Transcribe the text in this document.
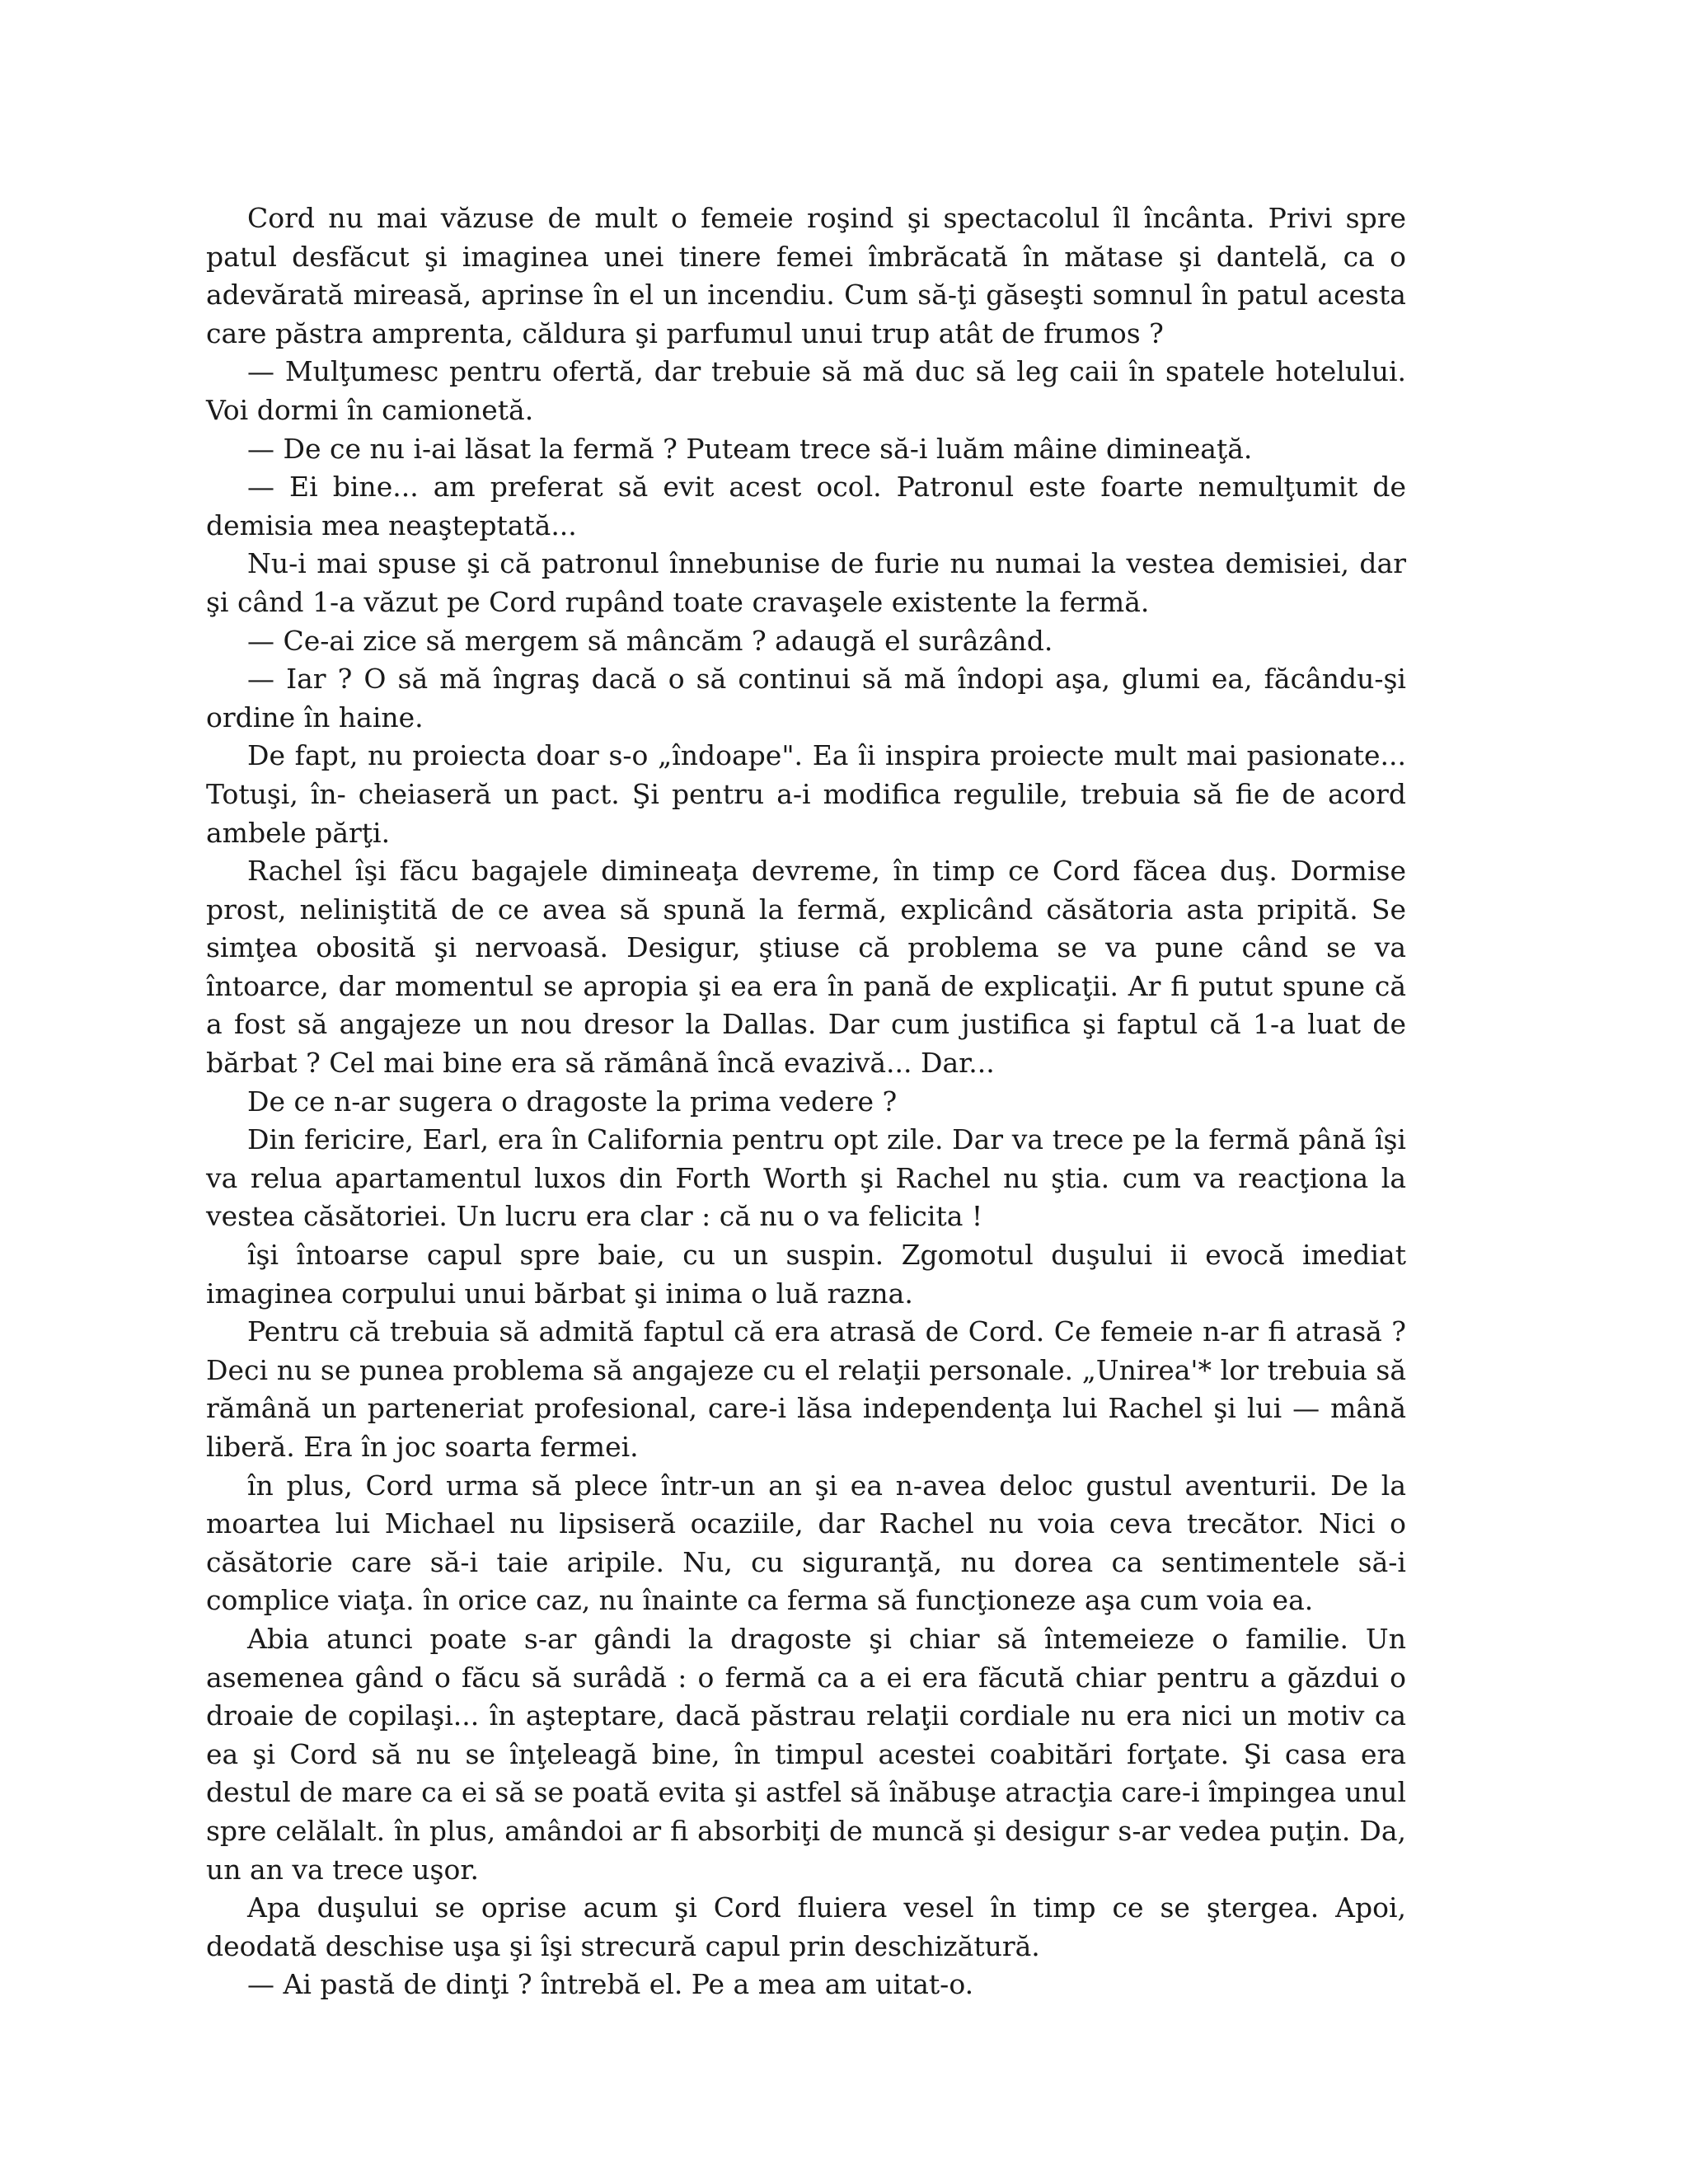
Cord nu mai văzuse de mult o femeie roşind şi spectacolul îl încânta. Privi spre patul desfăcut şi imaginea unei tinere femei îmbrăcată în mătase şi dantelă, ca o adevărată mireasă, aprinse în el un incendiu. Cum să-ţi găseşti somnul în patul acesta care păstra amprenta, căldura şi parfumul unui trup atât de frumos ?

— Mulţumesc pentru ofertă, dar trebuie să mă duc să leg caii în spatele hotelului. Voi dormi în camionetă.

— De ce nu i-ai lăsat la fermă ? Puteam trece să-i luăm mâine dimineaţă.

— Ei bine... am preferat să evit acest ocol. Patronul este foarte nemulţumit de demisia mea neaşteptată...

Nu-i mai spuse şi că patronul înnebunise de furie nu numai la vestea demisiei, dar şi când 1-a văzut pe Cord rupând toate cravaşele existente la fermă.

— Ce-ai zice să mergem să mâncăm ? adaugă el surâzând.

— Iar ? O să mă îngraş dacă o să continui să mă îndopi aşa, glumi ea, făcându-şi ordine în haine.

De fapt, nu proiecta doar s-o „îndoape". Ea îi inspira proiecte mult mai pasionate... Totuşi, în- cheiaseră un pact. Şi pentru a-i modifica regulile, trebuia să fie de acord ambele părţi.

Rachel îşi făcu bagajele dimineaţa devreme, în timp ce Cord făcea duş. Dormise prost, neliniştită de ce avea să spună la fermă, explicând căsătoria asta pripită. Se simţea obosită şi nervoasă. Desigur, ştiuse că problema se va pune când se va întoarce, dar momentul se apropia şi ea era în pană de explicaţii. Ar fi putut spune că a fost să angajeze un nou dresor la Dallas. Dar cum justifica şi faptul că 1-a luat de bărbat ? Cel mai bine era să rămână încă evazivă... Dar...

De ce n-ar sugera o dragoste la prima vedere ?

Din fericire, Earl, era în California pentru opt zile. Dar va trece pe la fermă până îşi va relua apartamentul luxos din Forth Worth şi Rachel nu ştia. cum va reacţiona la vestea căsătoriei. Un lucru era clar : că nu o va felicita !

îşi întoarse capul spre baie, cu un suspin. Zgomotul duşului ii evocă imediat imaginea corpului unui bărbat şi inima o luă razna.

Pentru că trebuia să admită faptul că era atrasă de Cord. Ce femeie n-ar fi atrasă ? Deci nu se punea problema să angajeze cu el relaţii personale. „Unirea'* lor trebuia să rămână un parteneriat profesional, care-i lăsa independenţa lui Rachel şi lui — mână liberă. Era în joc soarta fermei.

în plus, Cord urma să plece într-un an şi ea n-avea deloc gustul aventurii. De la moartea lui Michael nu lipsiseră ocaziile, dar Rachel nu voia ceva trecător. Nici o căsătorie care să-i taie aripile. Nu, cu siguranţă, nu dorea ca sentimentele să-i complice viaţa. în orice caz, nu înainte ca ferma să funcţioneze aşa cum voia ea.

Abia atunci poate s-ar gândi la dragoste şi chiar să întemeieze o familie. Un asemenea gând o făcu să surâdă : o fermă ca a ei era făcută chiar pentru a găzdui o droaie de copilaşi... în aşteptare, dacă păstrau relaţii cordiale nu era nici un motiv ca ea şi Cord să nu se înţeleagă bine, în timpul acestei coabitări forţate. Şi casa era destul de mare ca ei să se poată evita şi astfel să înăbuşe atracţia care-i împingea unul spre celălalt. în plus, amândoi ar fi absorbiţi de muncă şi desigur s-ar vedea puţin. Da, un an va trece uşor.

Apa duşului se oprise acum şi Cord fluiera vesel în timp ce se ştergea. Apoi, deodată deschise uşa şi îşi strecură capul prin deschizătură.

— Ai pastă de dinţi ? întrebă el. Pe a mea am uitat-o.
